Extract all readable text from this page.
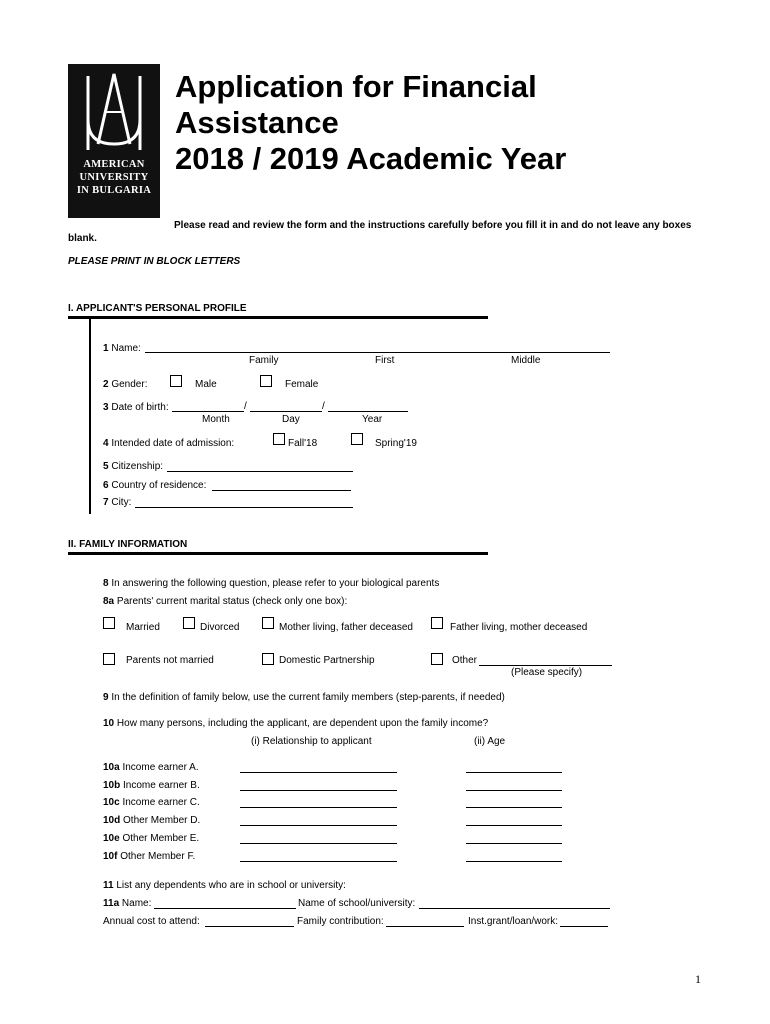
AMERICAN
UNIVERSITY
IN BULGARIA
Application for Financial
Assistance
2018 / 2019 Academic Year
Please read and review the form and the instructions carefully before you fill it in and do not leave any boxes
blank.
PLEASE PRINT IN BLOCK LETTERS
I. APPLICANT'S PERSONAL PROFILE
1 Name:
Family	First	Middle
2 Gender:	Male	Female
3 Date of birth:	/	/
Month	Day	Year
4 Intended date of admission:	Fall'18	Spring'19
5 Citizenship:
6 Country of residence:
7 City:
II. FAMILY INFORMATION
8 In answering the following question, please refer to your biological parents
8a Parents' current marital status (check only one box):
Married	Divorced	Mother living, father deceased	Father living, mother deceased
Parents not married	Domestic Partnership	Other
(Please specify)
9 In the definition of family below, use the current family members (step-parents, if needed)
10 How many persons, including the applicant, are dependent upon the family income?
(i) Relationship to applicant	(ii) Age
10a Income earner A.
10b Income earner B.
10c Income earner C.
10d Other Member D.
10e Other Member E.
10f Other Member F.
11 List any dependents who are in school or university:
11a Name:	Name of school/university:
Annual cost to attend:	Family contribution:	Inst.grant/loan/work:
1
